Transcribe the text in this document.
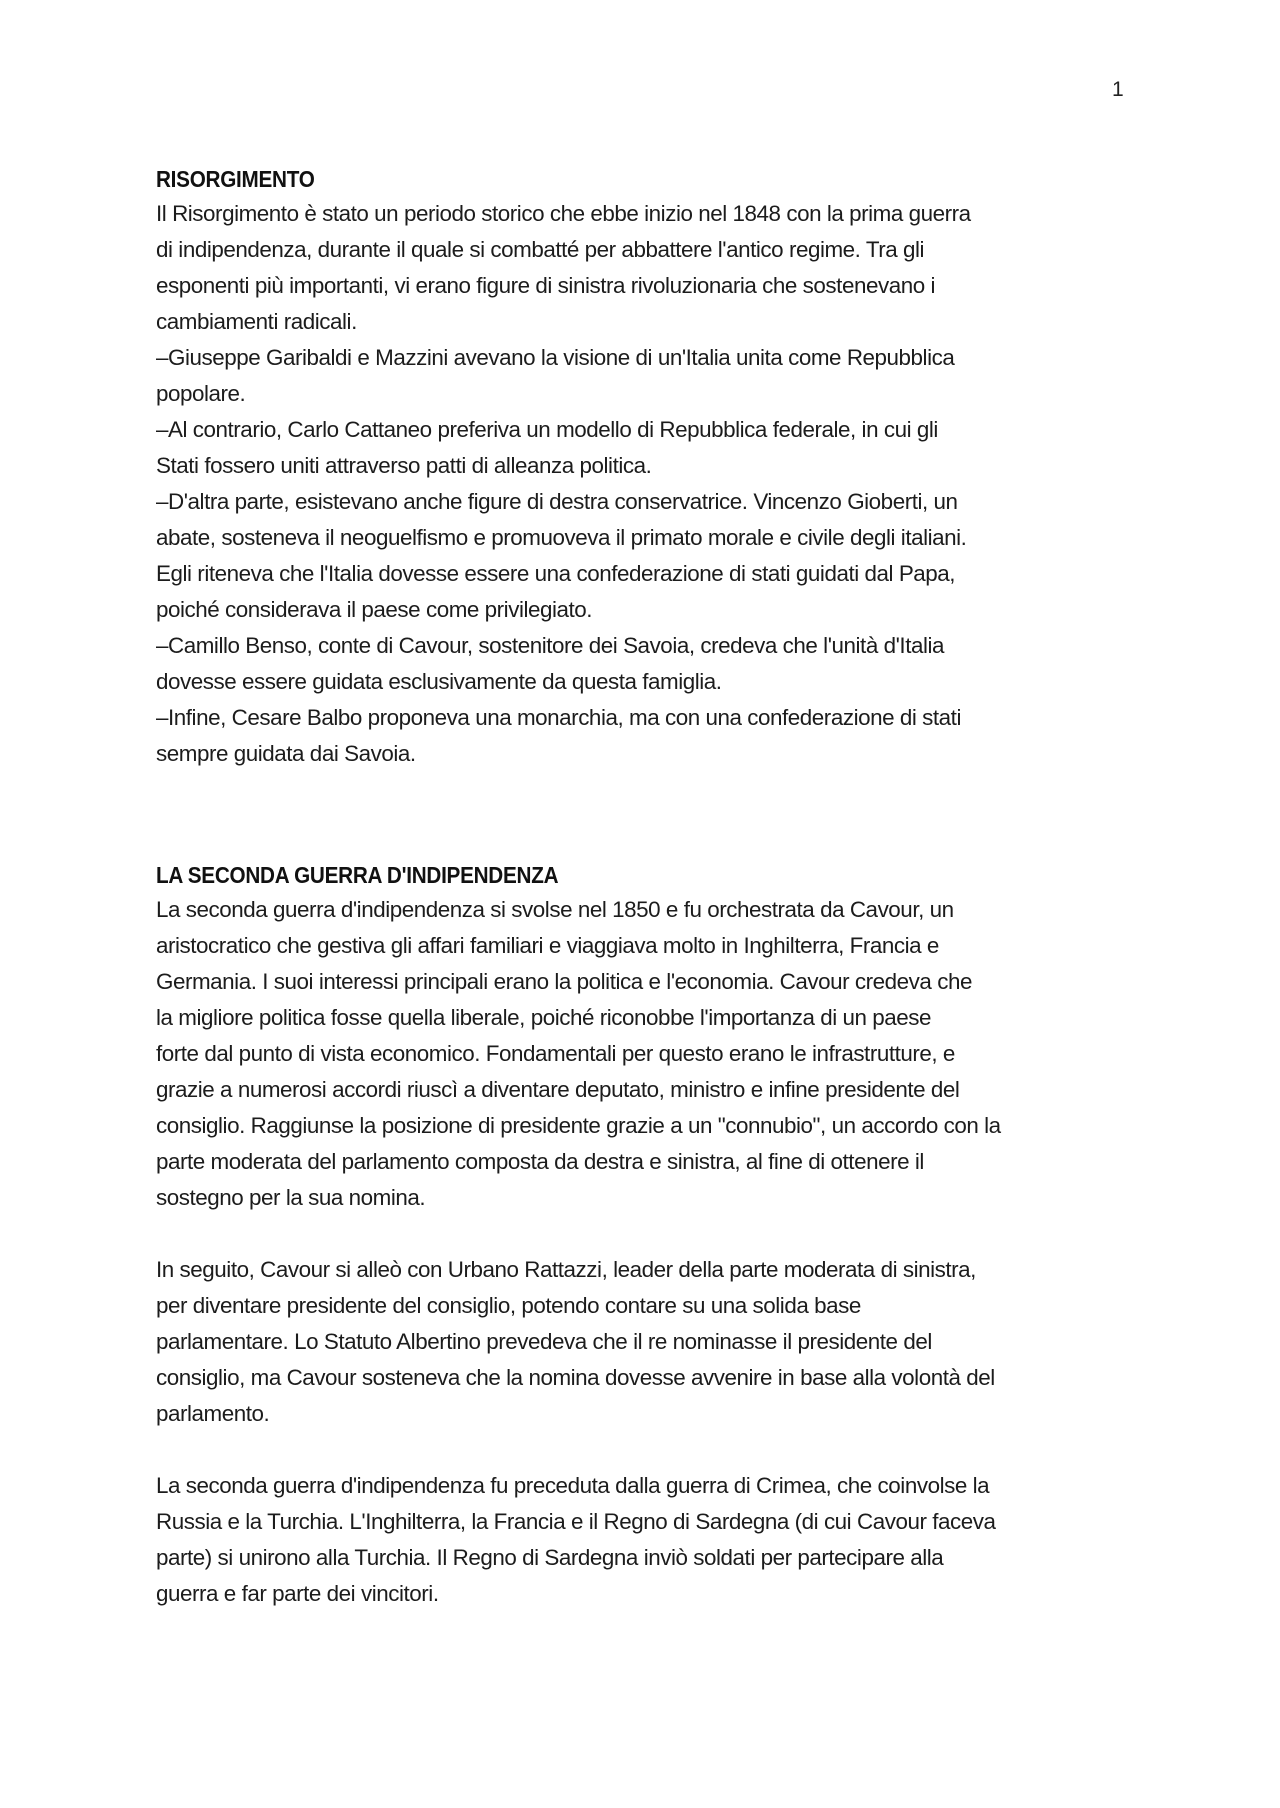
1
RISORGIMENTO

Il Risorgimento è stato un periodo storico che ebbe inizio nel 1848 con la prima guerra

di indipendenza, durante il quale si combatté per abbattere l'antico regime. Tra gli

esponenti più importanti, vi erano figure di sinistra rivoluzionaria che sostenevano i

cambiamenti radicali.

–Giuseppe Garibaldi e Mazzini avevano la visione di un'Italia unita come Repubblica

popolare.

–Al contrario, Carlo Cattaneo preferiva un modello di Repubblica federale, in cui gli

Stati fossero uniti attraverso patti di alleanza politica.

–D'altra parte, esistevano anche figure di destra conservatrice. Vincenzo Gioberti, un

abate, sosteneva il neoguelfismo e promuoveva il primato morale e civile degli italiani.

Egli riteneva che l'Italia dovesse essere una confederazione di stati guidati dal Papa,

poiché considerava il paese come privilegiato.

–Camillo Benso, conte di Cavour, sostenitore dei Savoia, credeva che l'unità d'Italia

dovesse essere guidata esclusivamente da questa famiglia.

–Infine, Cesare Balbo proponeva una monarchia, ma con una confederazione di stati

sempre guidata dai Savoia.

LA SECONDA GUERRA D'INDIPENDENZA

La seconda guerra d'indipendenza si svolse nel 1850 e fu orchestrata da Cavour, un

aristocratico che gestiva gli affari familiari e viaggiava molto in Inghilterra, Francia e

Germania. I suoi interessi principali erano la politica e l'economia. Cavour credeva che

la migliore politica fosse quella liberale, poiché riconobbe l'importanza di un paese

forte dal punto di vista economico. Fondamentali per questo erano le infrastrutture, e

grazie a numerosi accordi riuscì a diventare deputato, ministro e infine presidente del

consiglio. Raggiunse la posizione di presidente grazie a un "connubio", un accordo con la

parte moderata del parlamento composta da destra e sinistra, al fine di ottenere il

sostegno per la sua nomina.

In seguito, Cavour si alleò con Urbano Rattazzi, leader della parte moderata di sinistra,

per diventare presidente del consiglio, potendo contare su una solida base

parlamentare. Lo Statuto Albertino prevedeva che il re nominasse il presidente del

consiglio, ma Cavour sosteneva che la nomina dovesse avvenire in base alla volontà del

parlamento.

La seconda guerra d'indipendenza fu preceduta dalla guerra di Crimea, che coinvolse la

Russia e la Turchia. L'Inghilterra, la Francia e il Regno di Sardegna (di cui Cavour faceva

parte) si unirono alla Turchia. Il Regno di Sardegna inviò soldati per partecipare alla

guerra e far parte dei vincitori.
